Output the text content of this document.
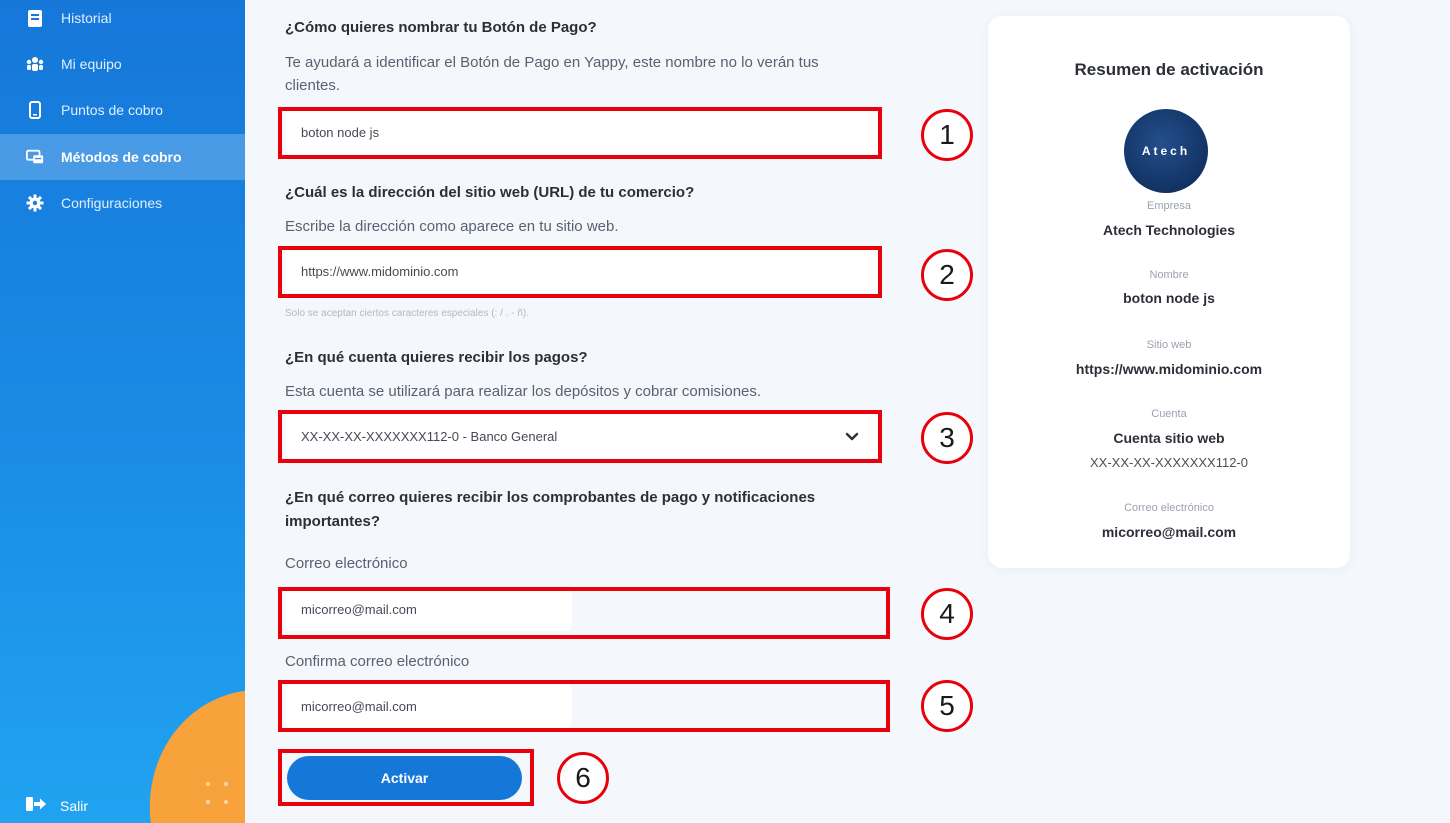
Historial
Mi equipo
Puntos de cobro
Métodos de cobro
Configuraciones
Salir
¿Cómo quieres nombrar tu Botón de Pago?
Te ayudará a identificar el Botón de Pago en Yappy, este nombre no lo verán tus clientes.
boton node js	1
¿Cuál es la dirección del sitio web (URL) de tu comercio?
Escribe la dirección como aparece en tu sitio web.
https://www.midominio.com	2
Solo se aceptan ciertos caracteres especiales (: / . - ñ).
¿En qué cuenta quieres recibir los pagos?
Esta cuenta se utilizará para realizar los depósitos y cobrar comisiones.
XX-XX-XX-XXXXXXX112-0 - Banco General	3
¿En qué correo quieres recibir los comprobantes de pago y notificaciones importantes?
Correo electrónico
micorreo@mail.com	4
Confirma correo electrónico
micorreo@mail.com	5
Activar	6
Resumen de activación
Atech
Empresa
Atech Technologies
Nombre
boton node js
Sitio web
https://www.midominio.com
Cuenta
Cuenta sitio web
XX-XX-XX-XXXXXXX112-0
Correo electrónico
micorreo@mail.com
